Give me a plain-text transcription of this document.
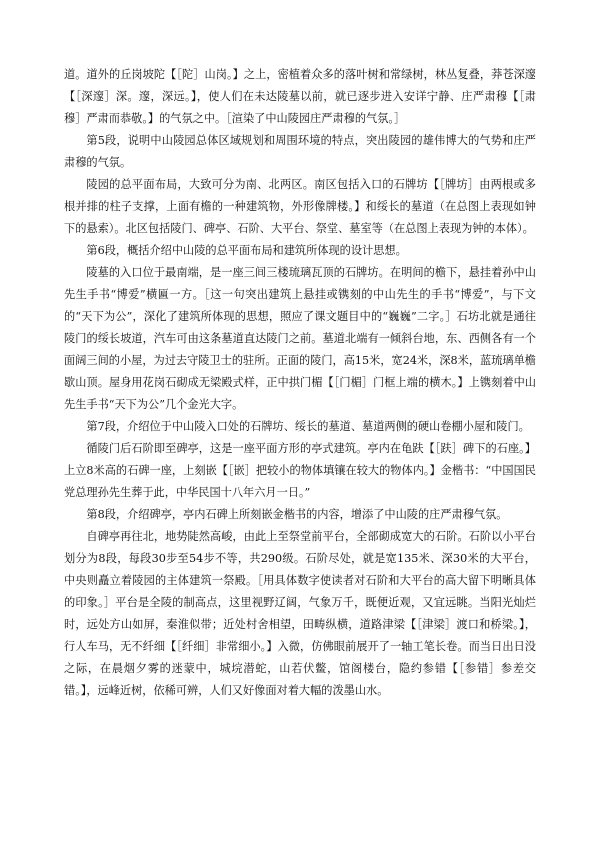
道。道外的丘岗坡陀【［陀］山岗。】之上，密植着众多的落叶树和常绿树，林丛复叠，莽苍深邃【［深邃］深。邃，深远。】，使人们在未达陵墓以前，就已逐步进入安详宁静、庄严肃穆【［肃穆］严肃而恭敬。】的气氛之中。［渲染了中山陵园庄严肃穆的气氛。］

第5段，说明中山陵园总体区域规划和周围环境的特点，突出陵园的雄伟博大的气势和庄严肃穆的气氛。

陵园的总平面布局，大致可分为南、北两区。南区包括入口的石牌坊【［牌坊］由两根或多根并排的柱子支撑，上面有檐的一种建筑物，外形像牌楼。】和绥长的墓道（在总图上表现如钟下的悬索）。北区包括陵门、碑亭、石阶、大平台、祭堂、墓室等（在总图上表现为钟的本体）。

第6段，概括介绍中山陵的总平面布局和建筑所体现的设计思想。

陵墓的入口位于最南端，是一座三间三楼琉璃瓦顶的石牌坊。在明间的檐下，悬挂着孙中山先生手书“博爱”横匾一方。［这一句突出建筑上悬挂或镌刻的中山先生的手书“博爱”，与下文的“天下为公”，深化了建筑所体现的思想，照应了课文题目中的“巍巍”二字。］石坊北就是通往陵门的绥长坡道，汽车可由这条墓道直达陵门之前。墓道北端有一倾斜台地，东、西侧各有一个面阔三间的小屋，为过去守陵卫士的驻所。正面的陵门，高15米，宽24米，深8米，蓝琉璃单檐歇山顶。屋身用花岗石砌成无梁殿式样，正中拱门楣【［门楣］门框上端的横木。】上镌刻着中山先生手书“天下为公”几个金光大字。

第7段，介绍位于中山陵入口处的石牌坊、绥长的墓道、墓道两侧的硬山卷棚小屋和陵门。

循陵门后石阶即至碑亭，这是一座平面方形的亭式建筑。亭内在龟趺【［趺］碑下的石座。】上立8米高的石碑一座，上刻嵌【［嵌］把较小的物体填镶在较大的物体内。】金楷书：“中国国民党总理孙先生葬于此，中华民国十八年六月一日。”

第8段，介绍碑亭，亭内石碑上所刻嵌金楷书的内容，增添了中山陵的庄严肃穆气氛。

自碑亭再往北，地势陡然高峻，由此上至祭堂前平台，全部砌成宽大的石阶。石阶以小平台划分为8段，每段30步至54步不等，共290级。石阶尽处，就是宽135米、深30米的大平台，中央则矗立着陵园的主体建筑一祭殿。［用具体数字使读者对石阶和大平台的高大留下明晰具体的印象。］平台是全陵的制高点，这里视野辽阔，气象万千，既便近观，又宜远眺。当阳光灿烂时，远处方山如屏，秦淮似带；近处村舍相望，田畴纵横，道路津梁【［津梁］渡口和桥梁。】，行人车马，无不纤细【［纤细］非常细小。】入微，仿佛眼前展开了一轴工笔长卷。而当日出日没之际，在晨烟夕雾的迷蒙中，城垸潜蛇，山若伏鳖，馆阁楼台，隐约参错【［参错］参差交错。】，远峰近树，依稀可辨，人们又好像面对着大幅的泼墨山水。
